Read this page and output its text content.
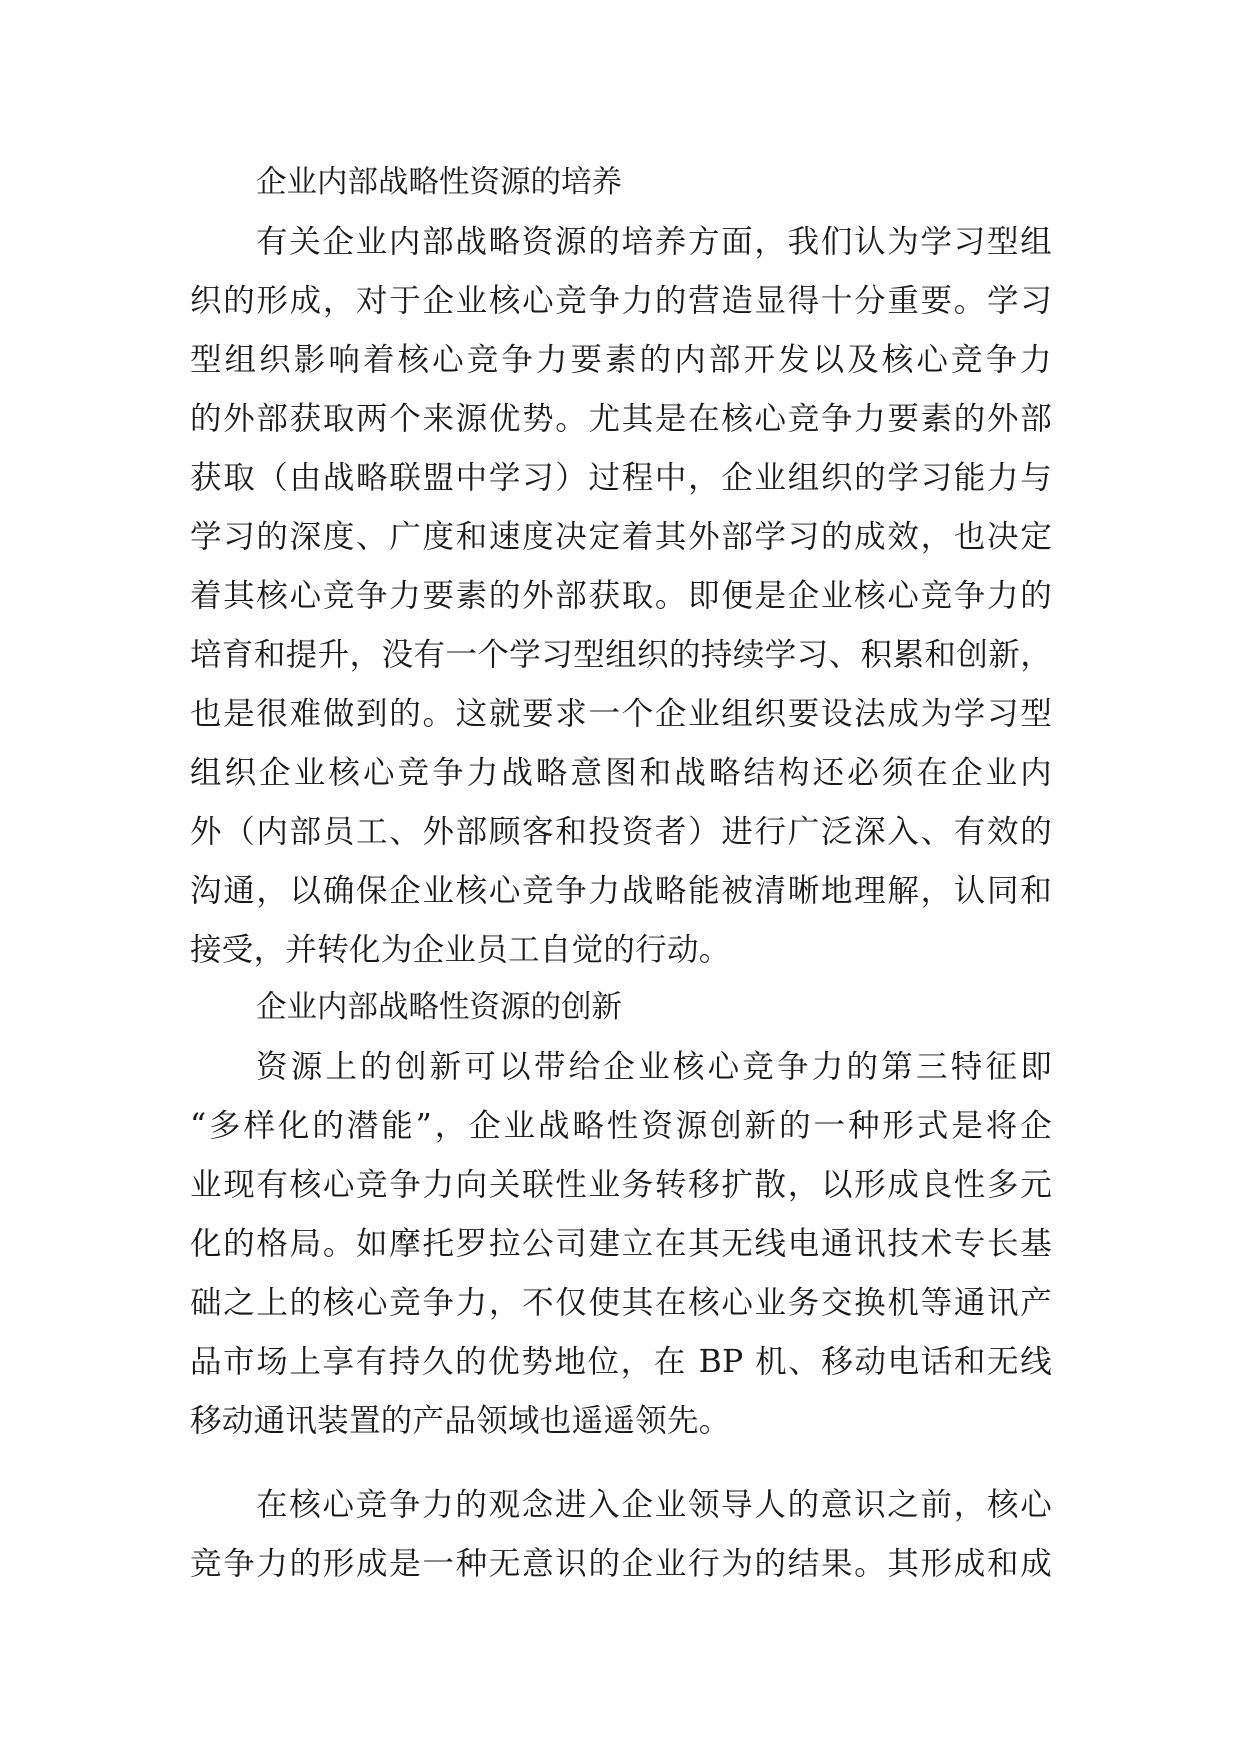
企业内部战略性资源的培养
有关企业内部战略资源的培养方面，我们认为学习型组
织的形成，对于企业核心竞争力的营造显得十分重要。学习
型组织影响着核心竞争力要素的内部开发以及核心竞争力
的外部获取两个来源优势。尤其是在核心竞争力要素的外部
获取（由战略联盟中学习）过程中，企业组织的学习能力与
学习的深度、广度和速度决定着其外部学习的成效，也决定
着其核心竞争力要素的外部获取。即便是企业核心竞争力的
培育和提升，没有一个学习型组织的持续学习、积累和创新，
也是很难做到的。这就要求一个企业组织要设法成为学习型
组织企业核心竞争力战略意图和战略结构还必须在企业内
外（内部员工、外部顾客和投资者）进行广泛深入、有效的
沟通，以确保企业核心竞争力战略能被清晰地理解，认同和
接受，并转化为企业员工自觉的行动。
企业内部战略性资源的创新
资源上的创新可以带给企业核心竞争力的第三特征即
“多样化的潜能”，企业战略性资源创新的一种形式是将企
业现有核心竞争力向关联性业务转移扩散，以形成良性多元
化的格局。如摩托罗拉公司建立在其无线电通讯技术专长基
础之上的核心竞争力，不仅使其在核心业务交换机等通讯产
品市场上享有持久的优势地位，在 BP 机、移动电话和无线
移动通讯装置的产品领域也遥遥领先。
在核心竞争力的观念进入企业领导人的意识之前，核心
竞争力的形成是一种无意识的企业行为的结果。其形成和成
